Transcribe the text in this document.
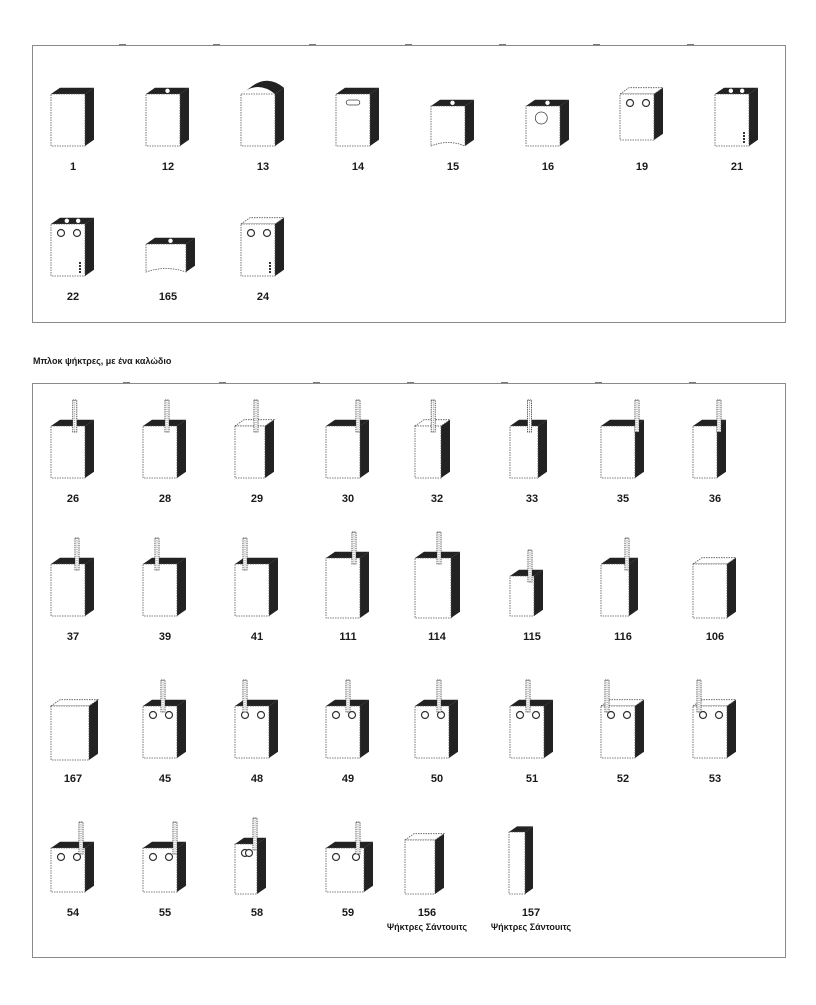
Μπλοκ ψήκτρες, με ένα καλώδιο
1	12	13	14	15	16	19	21
22	165	24
26	28	29	30	32	33	35	36
37	39	41	111	114	115	116	106
167	45	48	49	50	51	52	53
54	55	58	59	156
Ψήκτρες Σάντουιτς
157
Ψήκτρες Σάντουιτς
